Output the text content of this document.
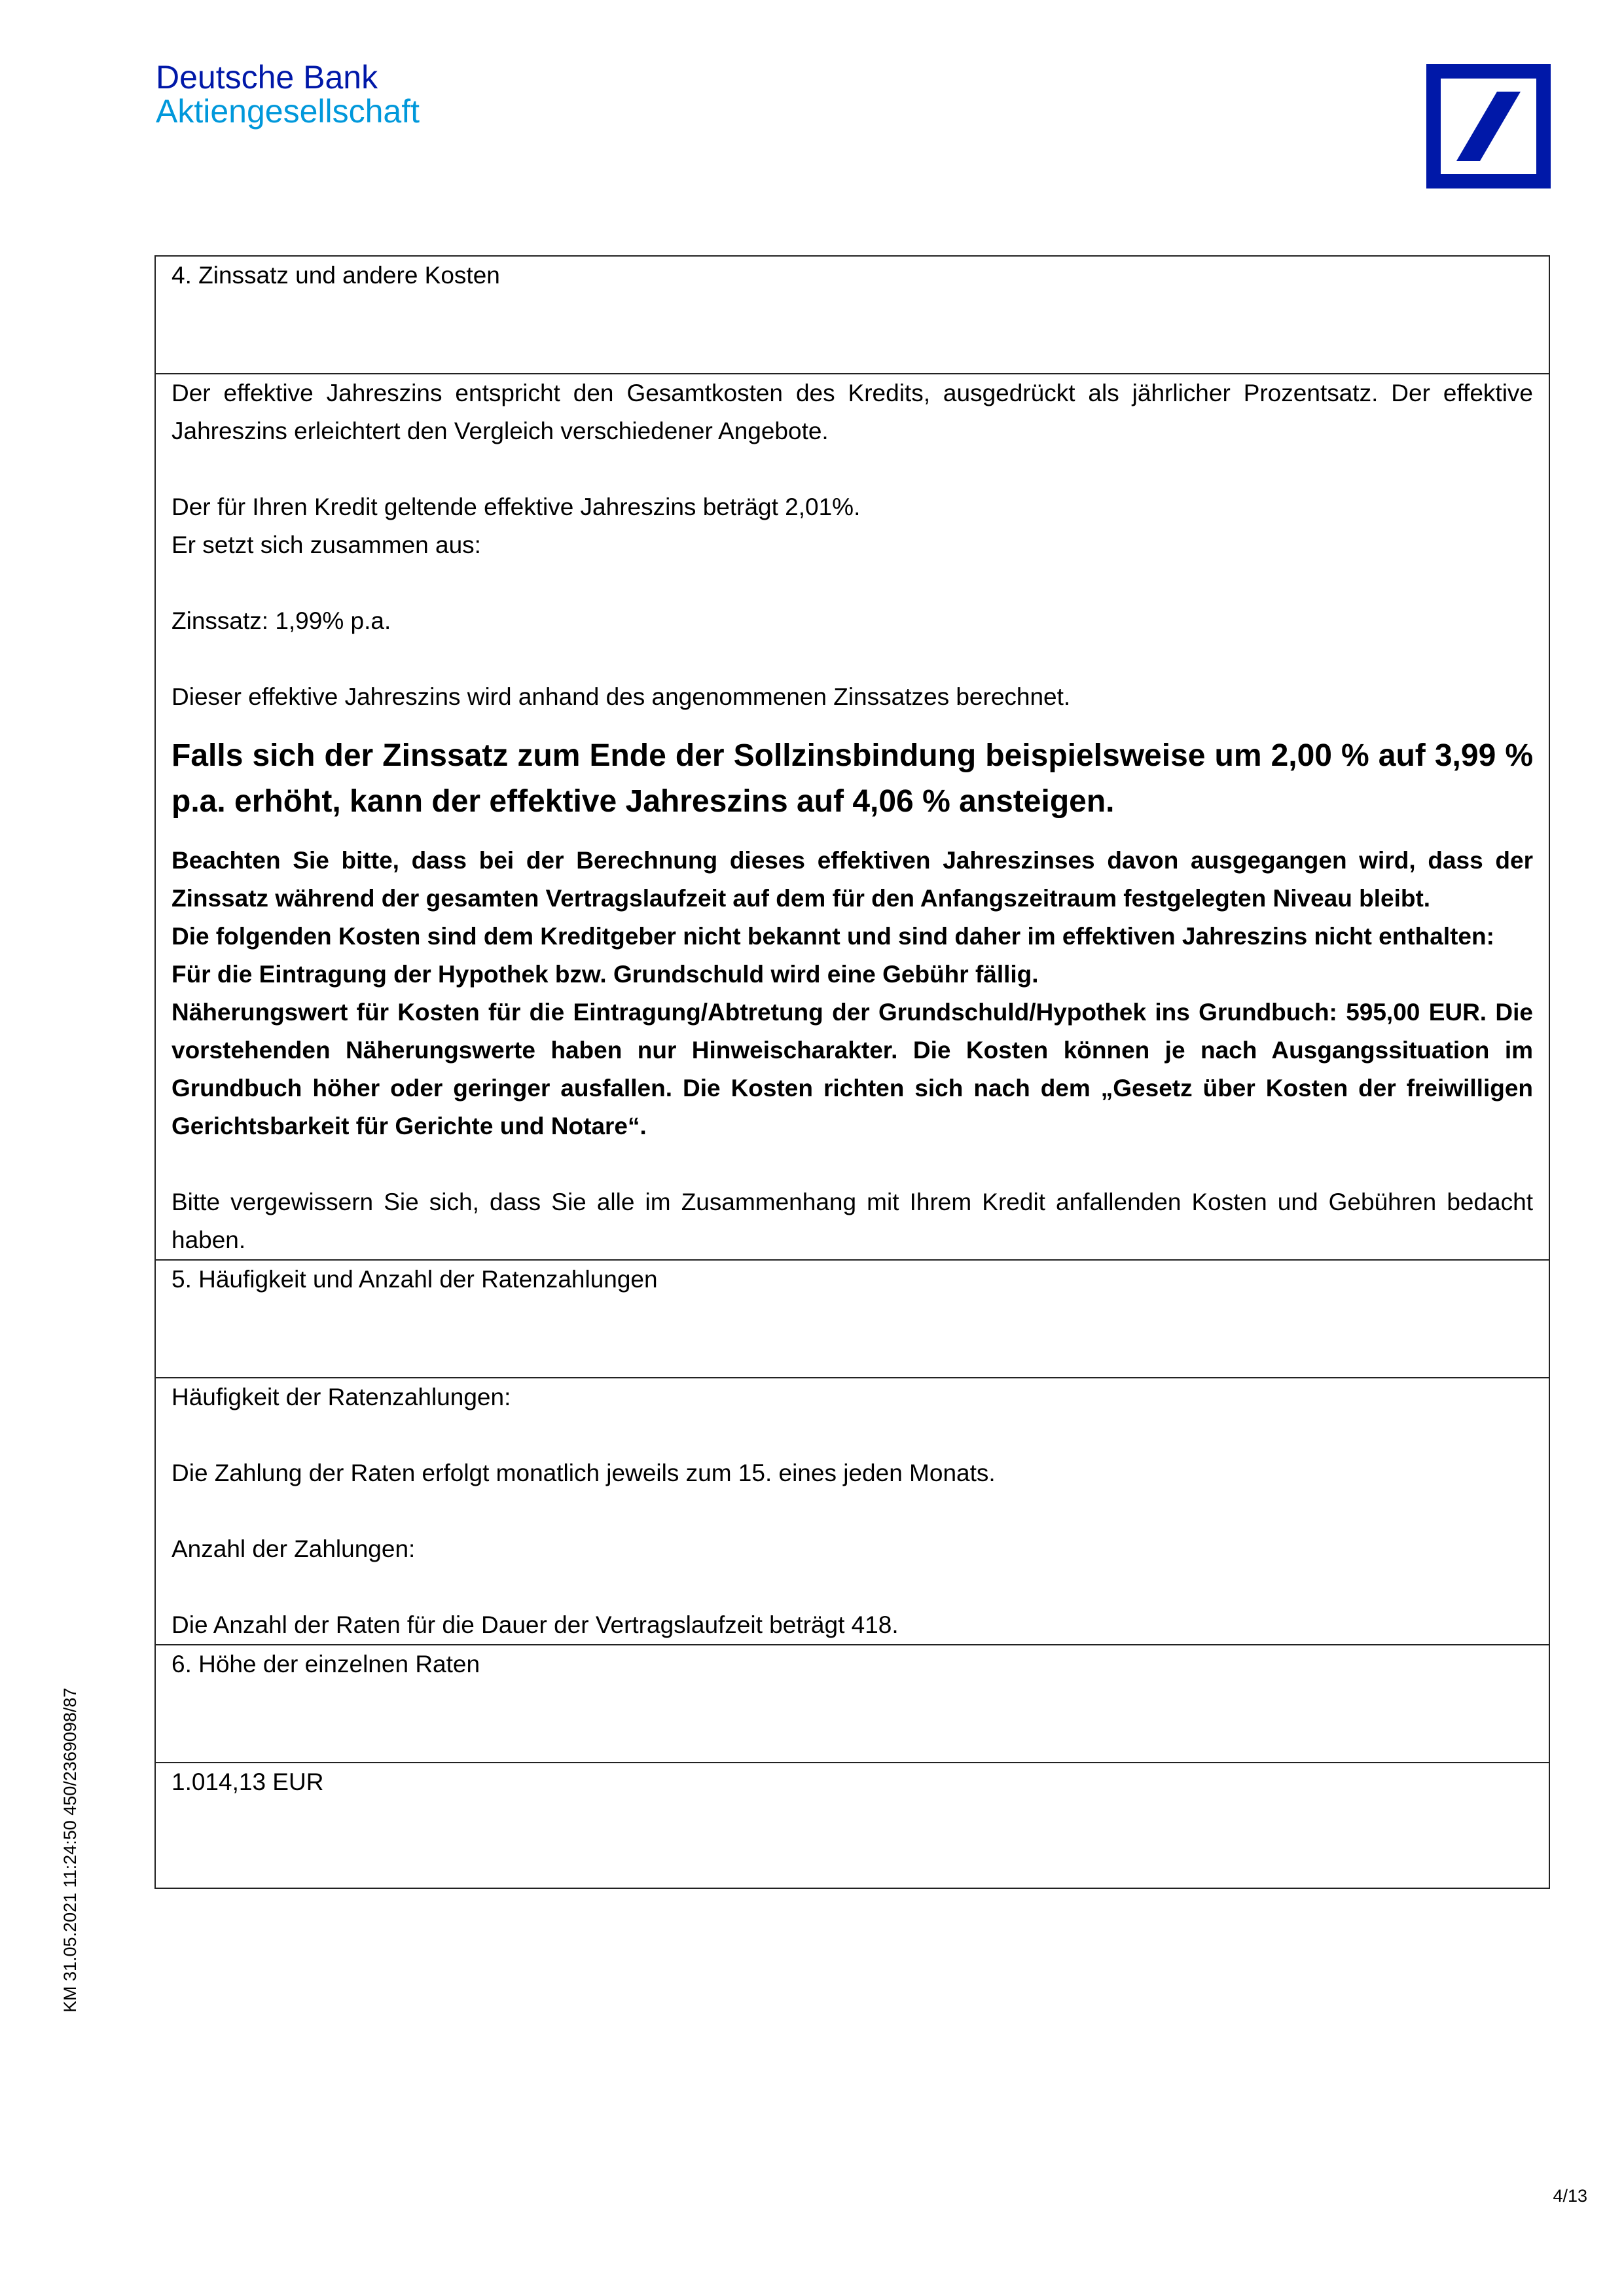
Deutsche Bank
Aktiengesellschaft
KM 31.05.2021 11:24:50 450/2369098/87
4. Zinssatz und andere Kosten

Der effektive Jahreszins entspricht den Gesamtkosten des Kredits, ausgedrückt als jährlicher Prozentsatz. Der effektive Jahreszins erleichtert den Vergleich verschiedener Angebote.

Der für Ihren Kredit geltende effektive Jahreszins beträgt 2,01%.

Er setzt sich zusammen aus:

Zinssatz: 1,99% p.a.

Dieser effektive Jahreszins wird anhand des angenommenen Zinssatzes berechnet.

Falls sich der Zinssatz zum Ende der Sollzinsbindung beispielsweise um 2,00 % auf 3,99 % p.a. erhöht, kann der effektive Jahreszins auf 4,06 % ansteigen.

Beachten Sie bitte, dass bei der Berechnung dieses effektiven Jahreszinses davon ausgegangen wird, dass der Zinssatz während der gesamten Vertragslaufzeit auf dem für den Anfangszeitraum festgelegten Niveau bleibt.

Die folgenden Kosten sind dem Kreditgeber nicht bekannt und sind daher im effektiven Jahreszins nicht enthalten:

Für die Eintragung der Hypothek bzw. Grundschuld wird eine Gebühr fällig.

Näherungswert für Kosten für die Eintragung/Abtretung der Grundschuld/Hypothek ins Grundbuch: 595,00 EUR. Die vorstehenden Näherungswerte haben nur Hinweischarakter. Die Kosten können je nach Ausgangssituation im Grundbuch höher oder geringer ausfallen. Die Kosten richten sich nach dem „Gesetz über Kosten der freiwilligen Gerichtsbarkeit für Gerichte und Notare“.

Bitte vergewissern Sie sich, dass Sie alle im Zusammenhang mit Ihrem Kredit anfallenden Kosten und Gebühren bedacht haben.

5. Häufigkeit und Anzahl der Ratenzahlungen

Häufigkeit der Ratenzahlungen:

Die Zahlung der Raten erfolgt monatlich jeweils zum 15. eines jeden Monats.

Anzahl der Zahlungen:

Die Anzahl der Raten für die Dauer der Vertragslaufzeit beträgt 418.

6. Höhe der einzelnen Raten
1.014,13 EUR
4/13
